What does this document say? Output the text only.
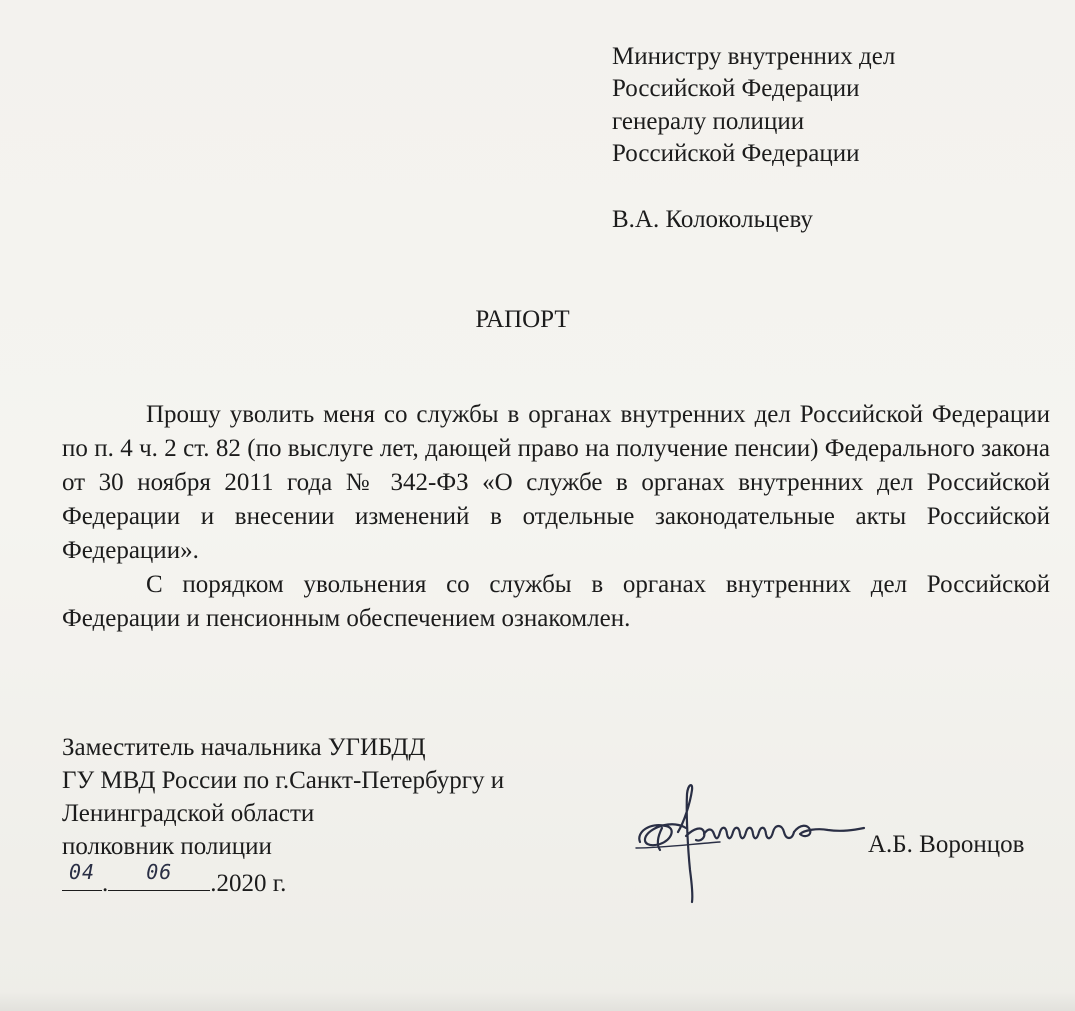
Министру внутренних дел
Российской Федерации
генералу полиции
Российской Федерации
В.А. Колокольцеву
РАПОРТ
Прошу уволить меня со службы в органах внутренних дел Российской Федерации по п. 4 ч. 2 ст. 82 (по выслуге лет, дающей право на получение пенсии) Федерального закона от 30 ноября 2011 года № 342-ФЗ «О службе в органах внутренних дел Российской Федерации и внесении изменений в отдельные законодательные акты Российской Федерации».
С порядком увольнения со службы в органах внутренних дел Российской Федерации и пенсионным обеспечением ознакомлен.
Заместитель начальника УГИБДД
ГУ МВД России по г.Санкт-Петербургу и
Ленинградской области
полковник полиции
04 .	06	.2020 г.
А.Б. Воронцов
